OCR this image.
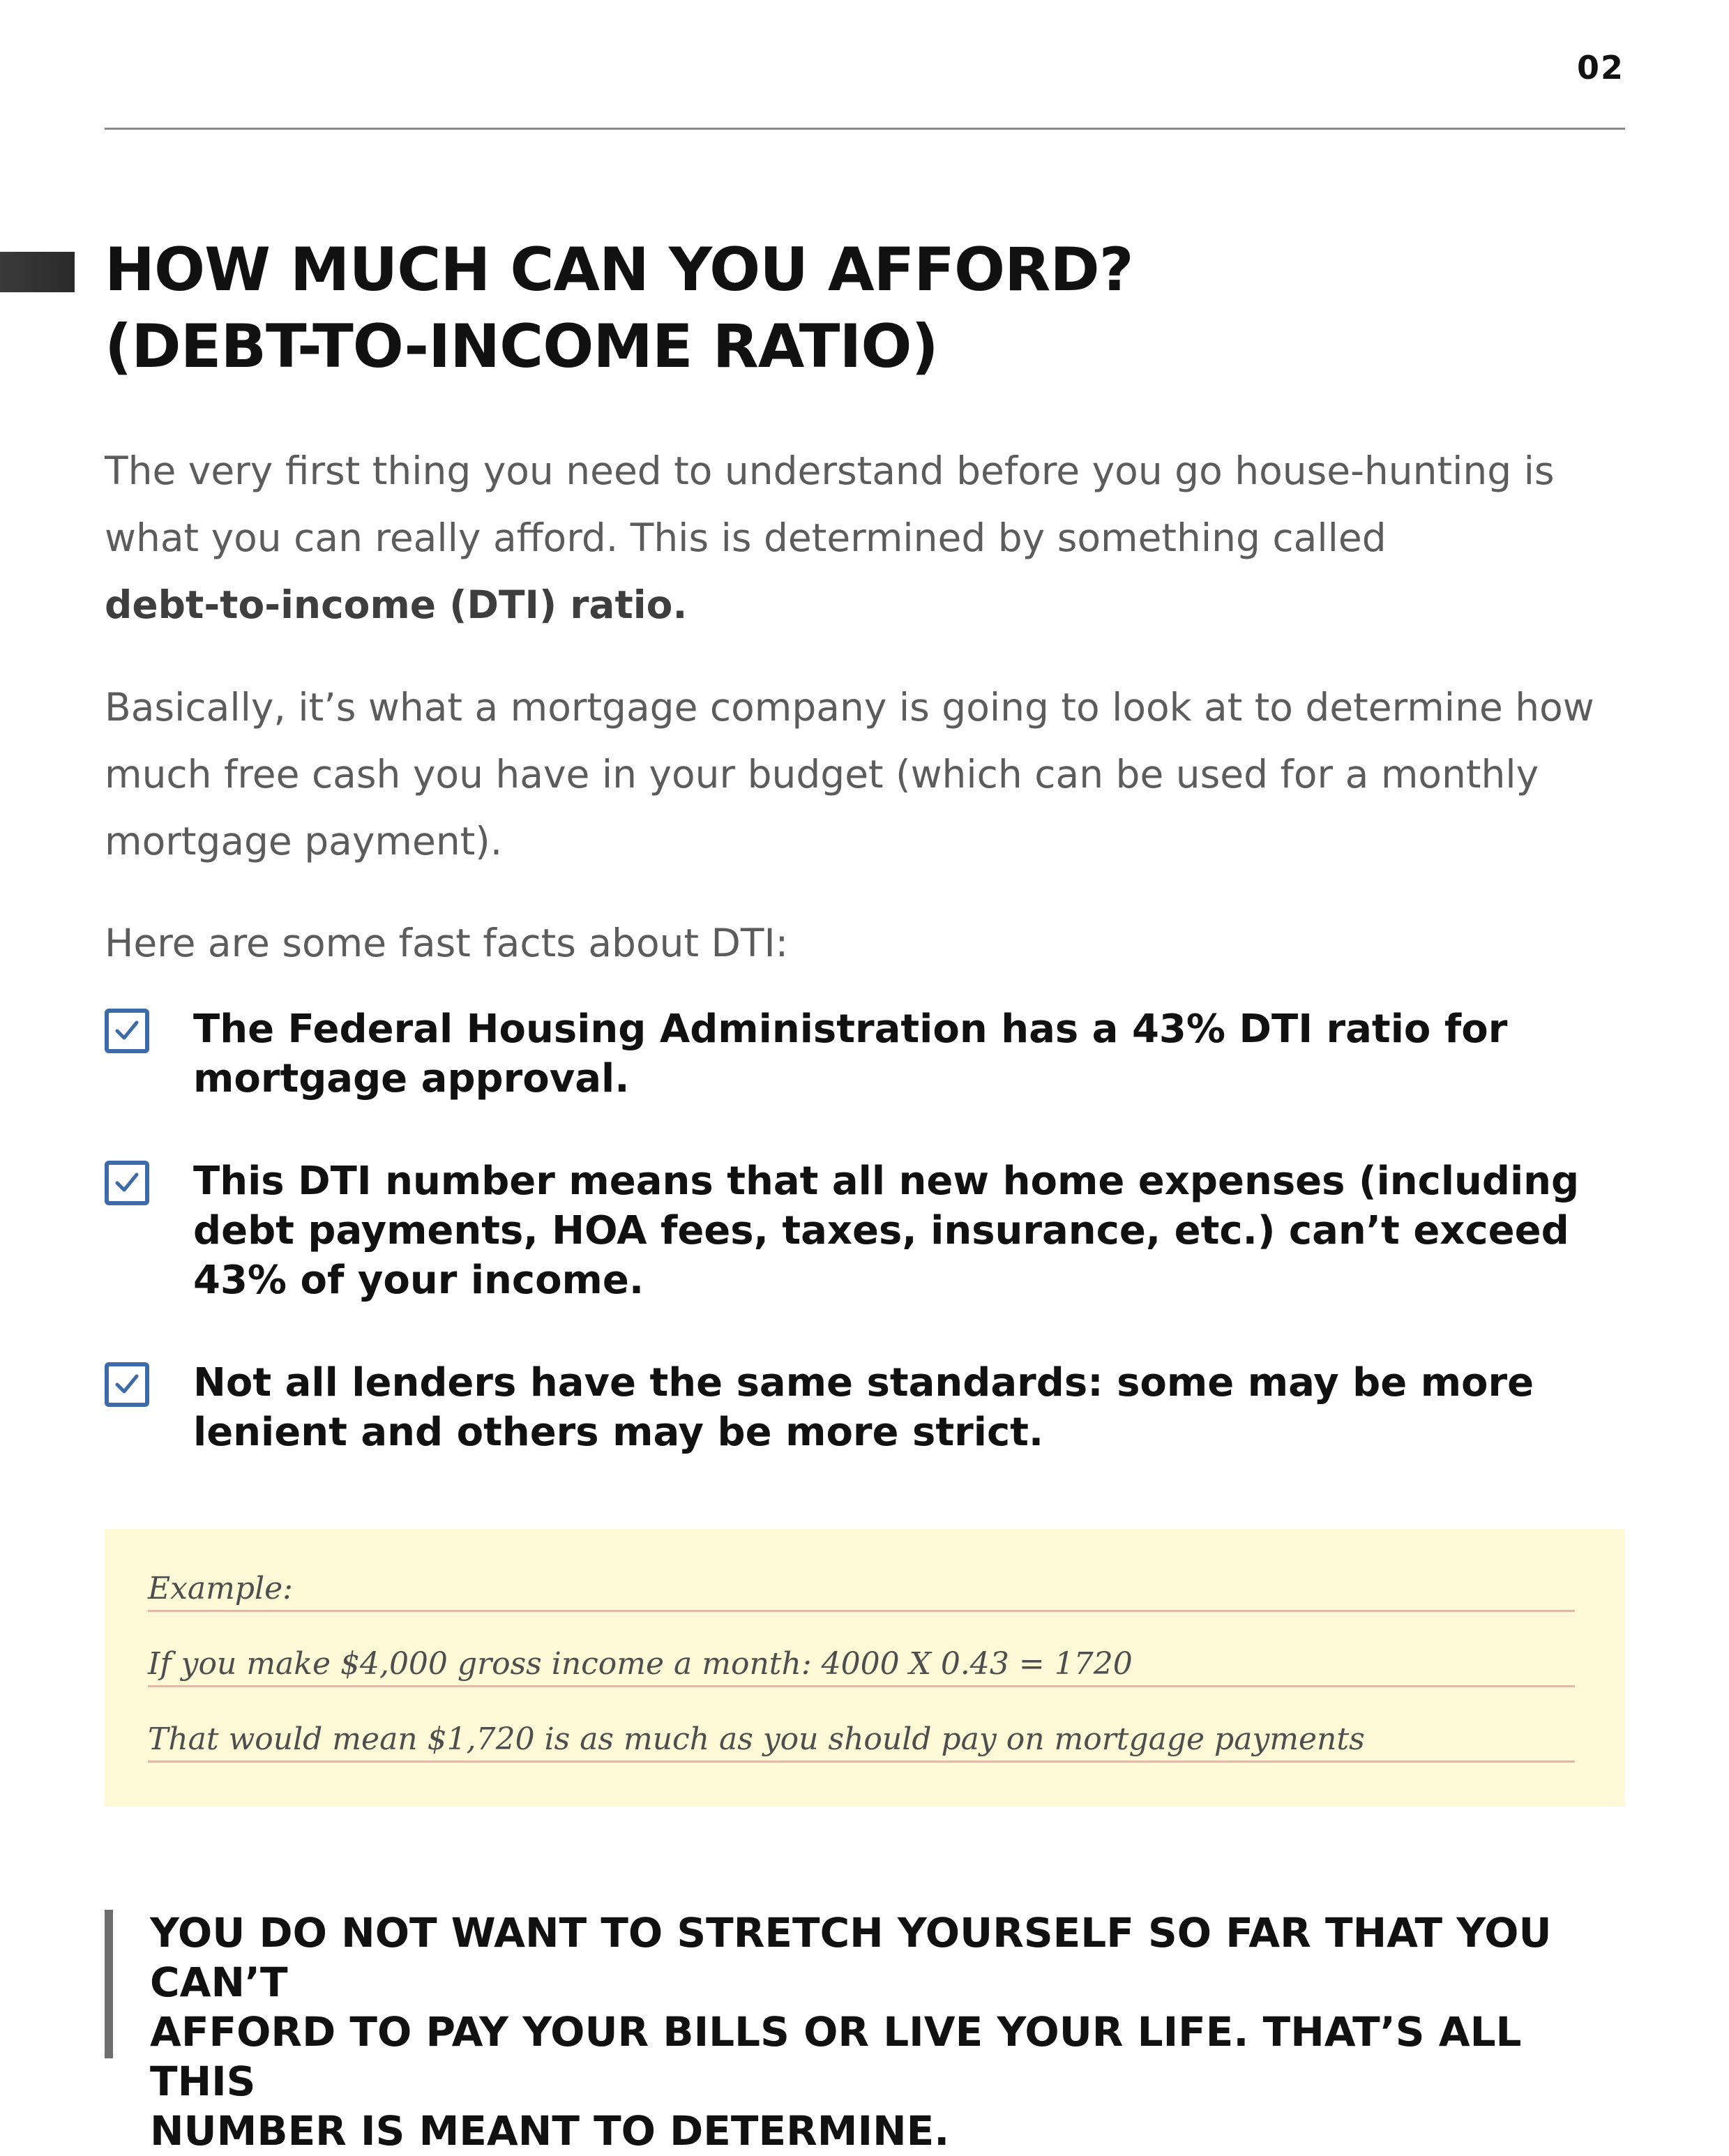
02
HOW MUCH CAN YOU AFFORD?
(DEBT-TO-INCOME RATIO)

The very first thing you need to understand before you go house-hunting is what you can really afford. This is determined by something called
debt-to-income (DTI) ratio.

Basically, it’s what a mortgage company is going to look at to determine how much free cash you have in your budget (which can be used for a monthly mortgage payment).

Here are some fast facts about DTI:

The Federal Housing Administration has a 43% DTI ratio for mortgage approval.
This DTI number means that all new home expenses (including debt payments, HOA fees, taxes, insurance, etc.) can’t exceed 43% of your income.
Not all lenders have the same standards: some may be more lenient and others may be more strict.
Example:
If you make $4,000 gross income a month: 4000 X 0.43 = 1720
That would mean $1,720 is as much as you should pay on mortgage payments

YOU DO NOT WANT TO STRETCH YOURSELF SO FAR THAT YOU CAN’T
AFFORD TO PAY YOUR BILLS OR LIVE YOUR LIFE. THAT’S ALL THIS
NUMBER IS MEANT TO DETERMINE.
